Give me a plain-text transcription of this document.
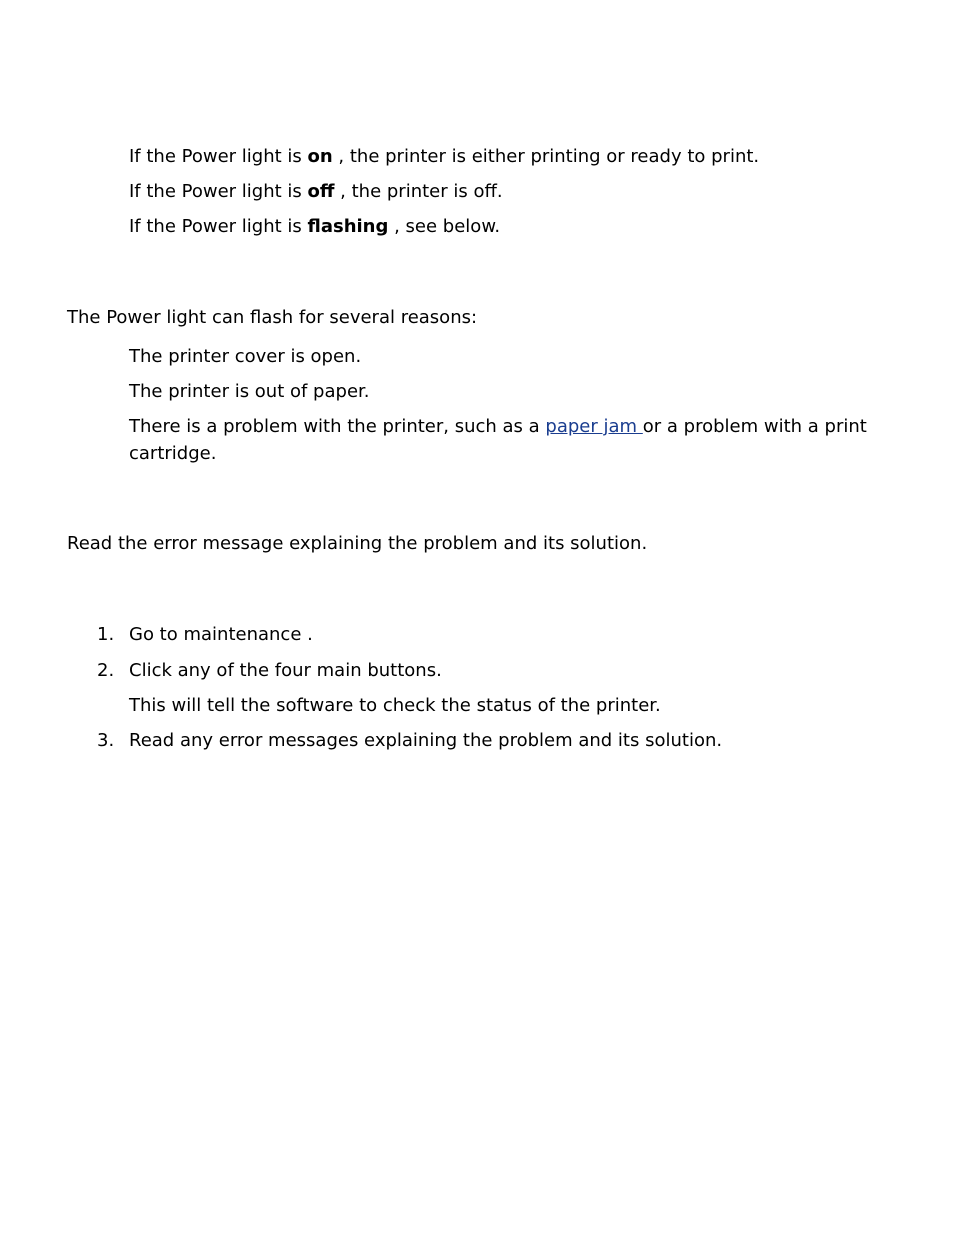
If the Power light is on , the printer is either printing or ready to print.
If the Power light is off , the printer is off.
If the Power light is flashing , see below.
The Power light can flash for several reasons:
The printer cover is open.
The printer is out of paper.
There is a problem with the printer, such as a paper jam or a problem with a print cartridge.
Read the error message explaining the problem and its solution.
1. Go to maintenance .
2. Click any of the four main buttons.
This will tell the software to check the status of the printer.
3. Read any error messages explaining the problem and its solution.
